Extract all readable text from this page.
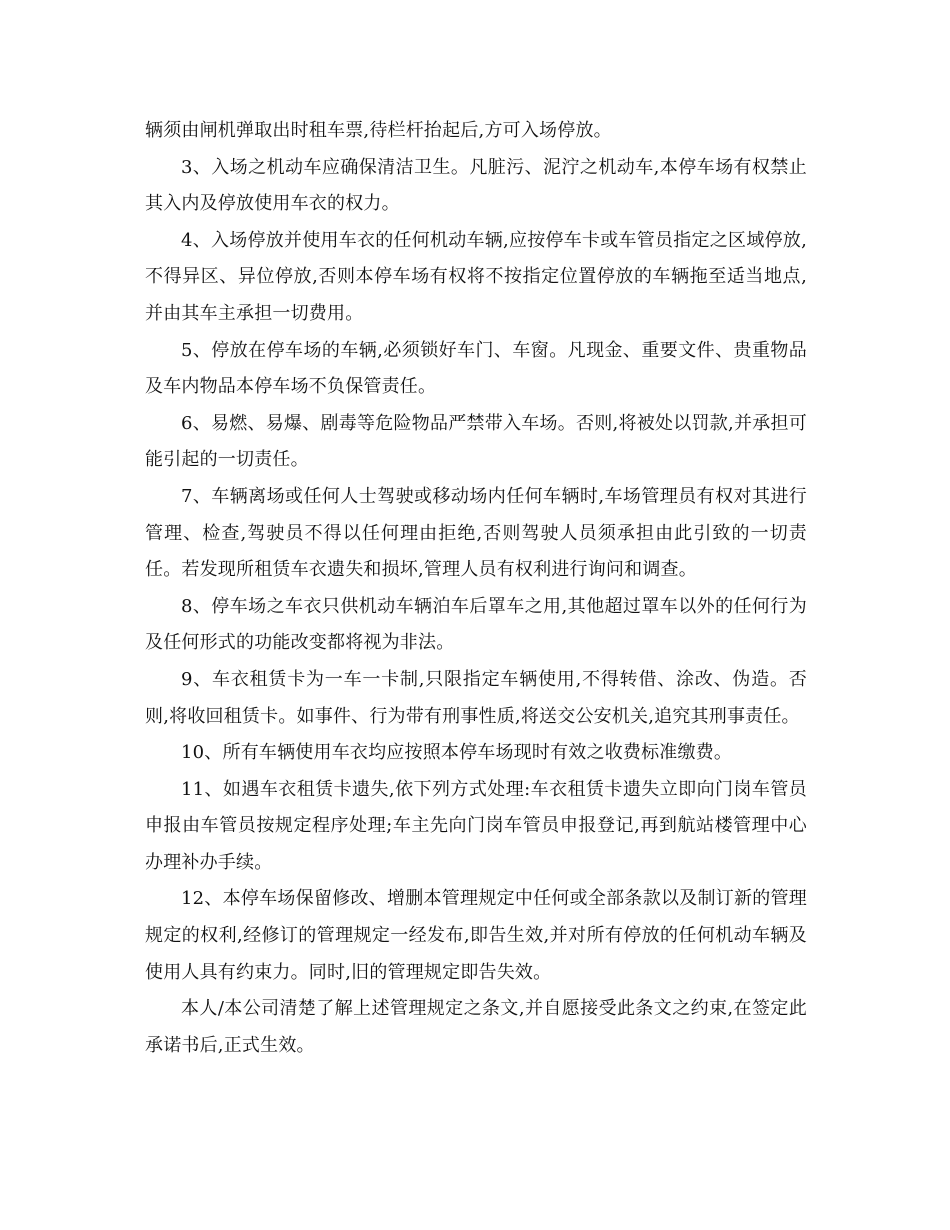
辆须由闸机弹取出时租车票,待栏杆抬起后,方可入场停放。

3、入场之机动车应确保清洁卫生。凡脏污、泥泞之机动车,本停车场有权禁止其入内及停放使用车衣的权力。

4、入场停放并使用车衣的任何机动车辆,应按停车卡或车管员指定之区域停放,不得异区、异位停放,否则本停车场有权将不按指定位置停放的车辆拖至适当地点,并由其车主承担一切费用。

5、停放在停车场的车辆,必须锁好车门、车窗。凡现金、重要文件、贵重物品及车内物品本停车场不负保管责任。

6、易燃、易爆、剧毒等危险物品严禁带入车场。否则,将被处以罚款,并承担可能引起的一切责任。

7、车辆离场或任何人士驾驶或移动场内任何车辆时,车场管理员有权对其进行管理、检查,驾驶员不得以任何理由拒绝,否则驾驶人员须承担由此引致的一切责任。若发现所租赁车衣遗失和损坏,管理人员有权利进行询问和调查。

8、停车场之车衣只供机动车辆泊车后罩车之用,其他超过罩车以外的任何行为及任何形式的功能改变都将视为非法。

9、车衣租赁卡为一车一卡制,只限指定车辆使用,不得转借、涂改、伪造。否则,将收回租赁卡。如事件、行为带有刑事性质,将送交公安机关,追究其刑事责任。

10、所有车辆使用车衣均应按照本停车场现时有效之收费标准缴费。

11、如遇车衣租赁卡遗失,依下列方式处理:车衣租赁卡遗失立即向门岗车管员申报由车管员按规定程序处理;车主先向门岗车管员申报登记,再到航站楼管理中心办理补办手续。

12、本停车场保留修改、增删本管理规定中任何或全部条款以及制订新的管理规定的权利,经修订的管理规定一经发布,即告生效,并对所有停放的任何机动车辆及使用人具有约束力。同时,旧的管理规定即告失效。

本人/本公司清楚了解上述管理规定之条文,并自愿接受此条文之约束,在签定此承诺书后,正式生效。
